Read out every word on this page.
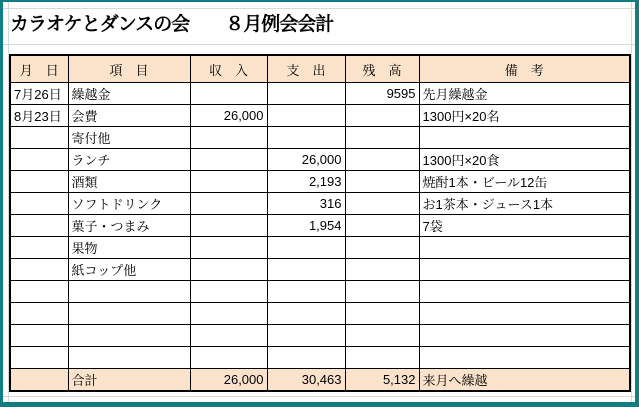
カラオケとダンスの会　　８月例会会計
月　日	項　目	収　入	支　出	残　高	備　考
7月26日	繰越金			9595	先月繰越金
8月23日	会費	26,000			1300円×20名
	寄付他				
	ランチ		26,000		1300円×20食
	酒類		2,193		焼酎1本・ビール12缶
	ソフトドリンク		316		お1茶本・ジュース1本
	菓子・つまみ		1,954		7袋
	果物				
	紙コップ他				

	合計	26,000	30,463	5,132	来月へ繰越
